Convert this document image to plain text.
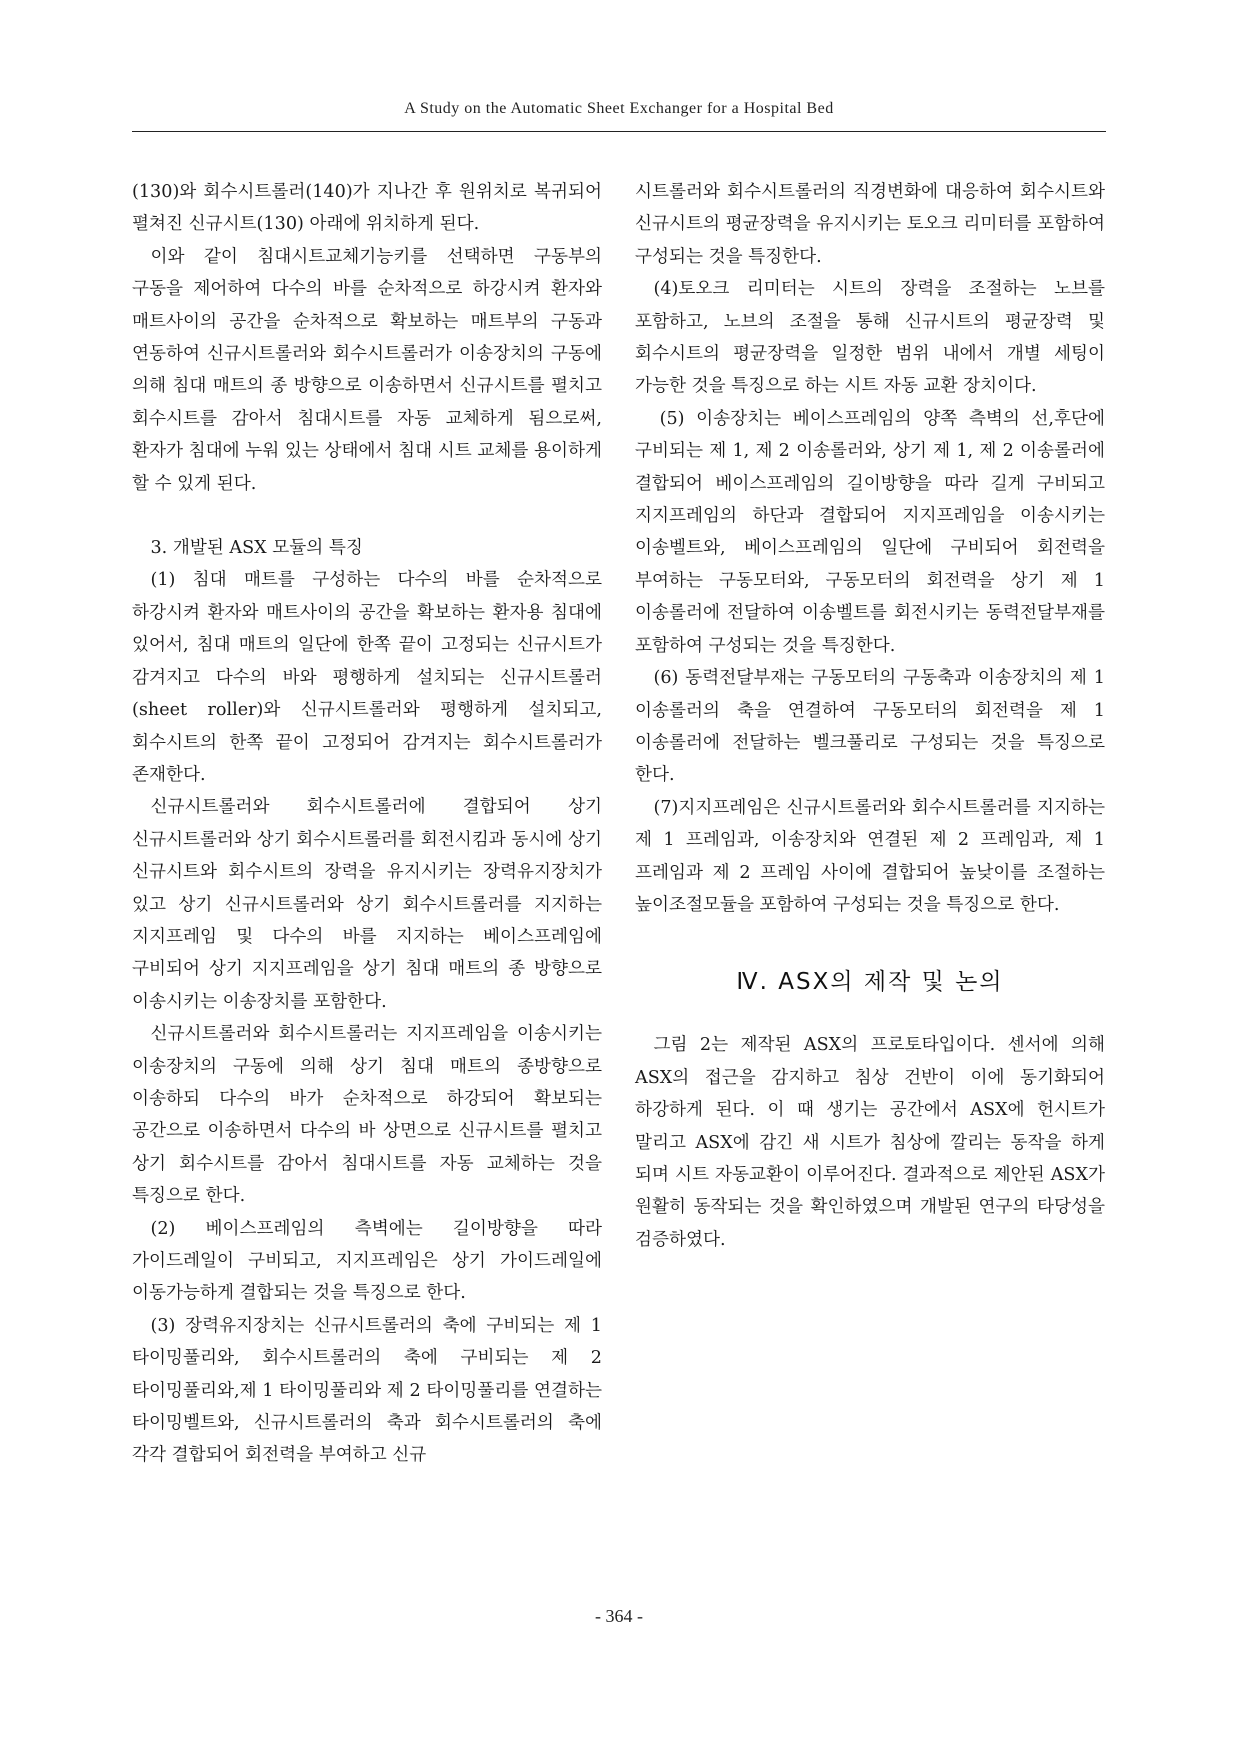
A Study on the Automatic Sheet Exchanger for a Hospital Bed

(130)와 회수시트롤러(140)가 지나간 후 원위치로 복귀되어 펼쳐진 신규시트(130) 아래에 위치하게 된다.

이와 같이 침대시트교체기능키를 선택하면 구동부의 구동을 제어하여 다수의 바를 순차적으로 하강시켜 환자와 매트사이의 공간을 순차적으로 확보하는 매트부의 구동과 연동하여 신규시트롤러와 회수시트롤러가 이송장치의 구동에 의해 침대 매트의 종 방향으로 이송하면서 신규시트를 펼치고 회수시트를 감아서 침대시트를 자동 교체하게 됨으로써, 환자가 침대에 누워 있는 상태에서 침대 시트 교체를 용이하게 할 수 있게 된다.

3. 개발된 ASX 모듈의 특징

(1) 침대 매트를 구성하는 다수의 바를 순차적으로 하강시켜 환자와 매트사이의 공간을 확보하는 환자용 침대에 있어서, 침대 매트의 일단에 한쪽 끝이 고정되는 신규시트가 감겨지고 다수의 바와 평행하게 설치되는 신규시트롤러 (sheet roller)와 신규시트롤러와 평행하게 설치되고, 회수시트의 한쪽 끝이 고정되어 감겨지는 회수시트롤러가 존재한다.

신규시트롤러와 회수시트롤러에 결합되어 상기 신규시트롤러와 상기 회수시트롤러를 회전시킴과 동시에 상기 신규시트와 회수시트의 장력을 유지시키는 장력유지장치가 있고 상기 신규시트롤러와 상기 회수시트롤러를 지지하는 지지프레임 및 다수의 바를 지지하는 베이스프레임에 구비되어 상기 지지프레임을 상기 침대 매트의 종 방향으로 이송시키는 이송장치를 포함한다.

신규시트롤러와 회수시트롤러는 지지프레임을 이송시키는 이송장치의 구동에 의해 상기 침대 매트의 종방향으로 이송하되 다수의 바가 순차적으로 하강되어 확보되는 공간으로 이송하면서 다수의 바 상면으로 신규시트를 펼치고 상기 회수시트를 감아서 침대시트를 자동 교체하는 것을 특징으로 한다.

(2) 베이스프레임의 측벽에는 길이방향을 따라 가이드레일이 구비되고, 지지프레임은 상기 가이드레일에 이동가능하게 결합되는 것을 특징으로 한다.

(3) 장력유지장치는 신규시트롤러의 축에 구비되는 제 1 타이밍풀리와, 회수시트롤러의 축에 구비되는 제 2 타이밍풀리와,제 1 타이밍풀리와 제 2 타이밍풀리를 연결하는 타이밍벨트와, 신규시트롤러의 축과 회수시트롤러의 축에 각각 결합되어 회전력을 부여하고 신규

시트롤러와 회수시트롤러의 직경변화에 대응하여 회수시트와 신규시트의 평균장력을 유지시키는 토오크 리미터를 포함하여 구성되는 것을 특징한다.

(4)토오크 리미터는 시트의 장력을 조절하는 노브를 포함하고, 노브의 조절을 통해 신규시트의 평균장력 및 회수시트의 평균장력을 일정한 범위 내에서 개별 세팅이 가능한 것을 특징으로 하는 시트 자동 교환 장치이다.

(5) 이송장치는 베이스프레임의 양쪽 측벽의 선,후단에 구비되는 제 1, 제 2 이송롤러와, 상기 제 1, 제 2 이송롤러에 결합되어 베이스프레임의 길이방향을 따라 길게 구비되고 지지프레임의 하단과 결합되어 지지프레임을 이송시키는 이송벨트와, 베이스프레임의 일단에 구비되어 회전력을 부여하는 구동모터와, 구동모터의 회전력을 상기 제 1 이송롤러에 전달하여 이송벨트를 회전시키는 동력전달부재를 포함하여 구성되는 것을 특징한다.

(6) 동력전달부재는 구동모터의 구동축과 이송장치의 제 1 이송롤러의 축을 연결하여 구동모터의 회전력을 제 1 이송롤러에 전달하는 벨크풀리로 구성되는 것을 특징으로 한다.

(7)지지프레임은 신규시트롤러와 회수시트롤러를 지지하는 제 1 프레임과, 이송장치와 연결된 제 2 프레임과, 제 1 프레임과 제 2 프레임 사이에 결합되어 높낮이를 조절하는 높이조절모듈을 포함하여 구성되는 것을 특징으로 한다.

Ⅳ. ASX의 제작 및 논의

그림 2는 제작된 ASX의 프로토타입이다. 센서에 의해 ASX의 접근을 감지하고 침상 건반이 이에 동기화되어 하강하게 된다. 이 때 생기는 공간에서 ASX에 헌시트가 말리고 ASX에 감긴 새 시트가 침상에 깔리는 동작을 하게 되며 시트 자동교환이 이루어진다. 결과적으로 제안된 ASX가 원활히 동작되는 것을 확인하였으며 개발된 연구의 타당성을 검증하였다.

- 364 -
